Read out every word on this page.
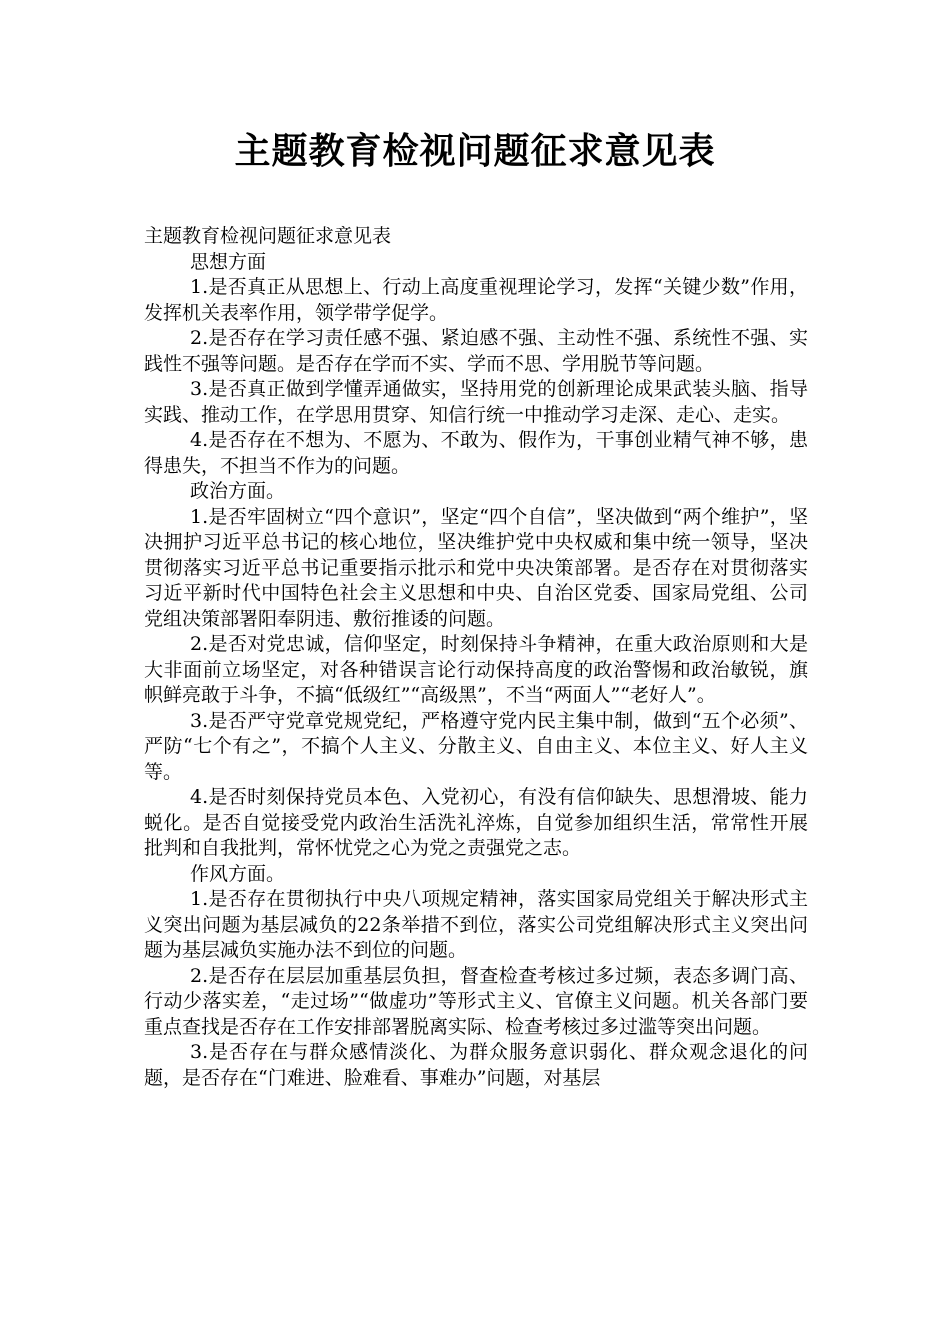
主题教育检视问题征求意见表

主题教育检视问题征求意见表

思想方面

1.是否真正从思想上、行动上高度重视理论学习，发挥“关键少数”作用，发挥机关表率作用，领学带学促学。

2.是否存在学习责任感不强、紧迫感不强、主动性不强、系统性不强、实践性不强等问题。是否存在学而不实、学而不思、学用脱节等问题。

3.是否真正做到学懂弄通做实，坚持用党的创新理论成果武装头脑、指导实践、推动工作，在学思用贯穿、知信行统一中推动学习走深、走心、走实。

4.是否存在不想为、不愿为、不敢为、假作为，干事创业精气神不够，患得患失，不担当不作为的问题。

政治方面。

1.是否牢固树立“四个意识”，坚定“四个自信”，坚决做到“两个维护”，坚决拥护习近平总书记的核心地位，坚决维护党中央权威和集中统一领导，坚决贯彻落实习近平总书记重要指示批示和党中央决策部署。是否存在对贯彻落实习近平新时代中国特色社会主义思想和中央、自治区党委、国家局党组、公司党组决策部署阳奉阴违、敷衍推诿的问题。

2.是否对党忠诚，信仰坚定，时刻保持斗争精神，在重大政治原则和大是大非面前立场坚定，对各种错误言论行动保持高度的政治警惕和政治敏锐，旗帜鲜亮敢于斗争，不搞“低级红”“高级黑”，不当“两面人”“老好人”。

3.是否严守党章党规党纪，严格遵守党内民主集中制，做到“五个必须”、严防“七个有之”，不搞个人主义、分散主义、自由主义、本位主义、好人主义等。

4.是否时刻保持党员本色、入党初心，有没有信仰缺失、思想滑坡、能力蜕化。是否自觉接受党内政治生活洗礼淬炼，自觉参加组织生活，常常性开展批判和自我批判，常怀忧党之心为党之责强党之志。

作风方面。

1.是否存在贯彻执行中央八项规定精神，落实国家局党组关于解决形式主义突出问题为基层减负的22条举措不到位，落实公司党组解决形式主义突出问题为基层减负实施办法不到位的问题。

2.是否存在层层加重基层负担，督查检查考核过多过频，表态多调门高、行动少落实差，“走过场”“做虚功”等形式主义、官僚主义问题。机关各部门要重点查找是否存在工作安排部署脱离实际、检查考核过多过滥等突出问题。

3.是否存在与群众感情淡化、为群众服务意识弱化、群众观念退化的问题，是否存在“门难进、脸难看、事难办”问题，对基层
